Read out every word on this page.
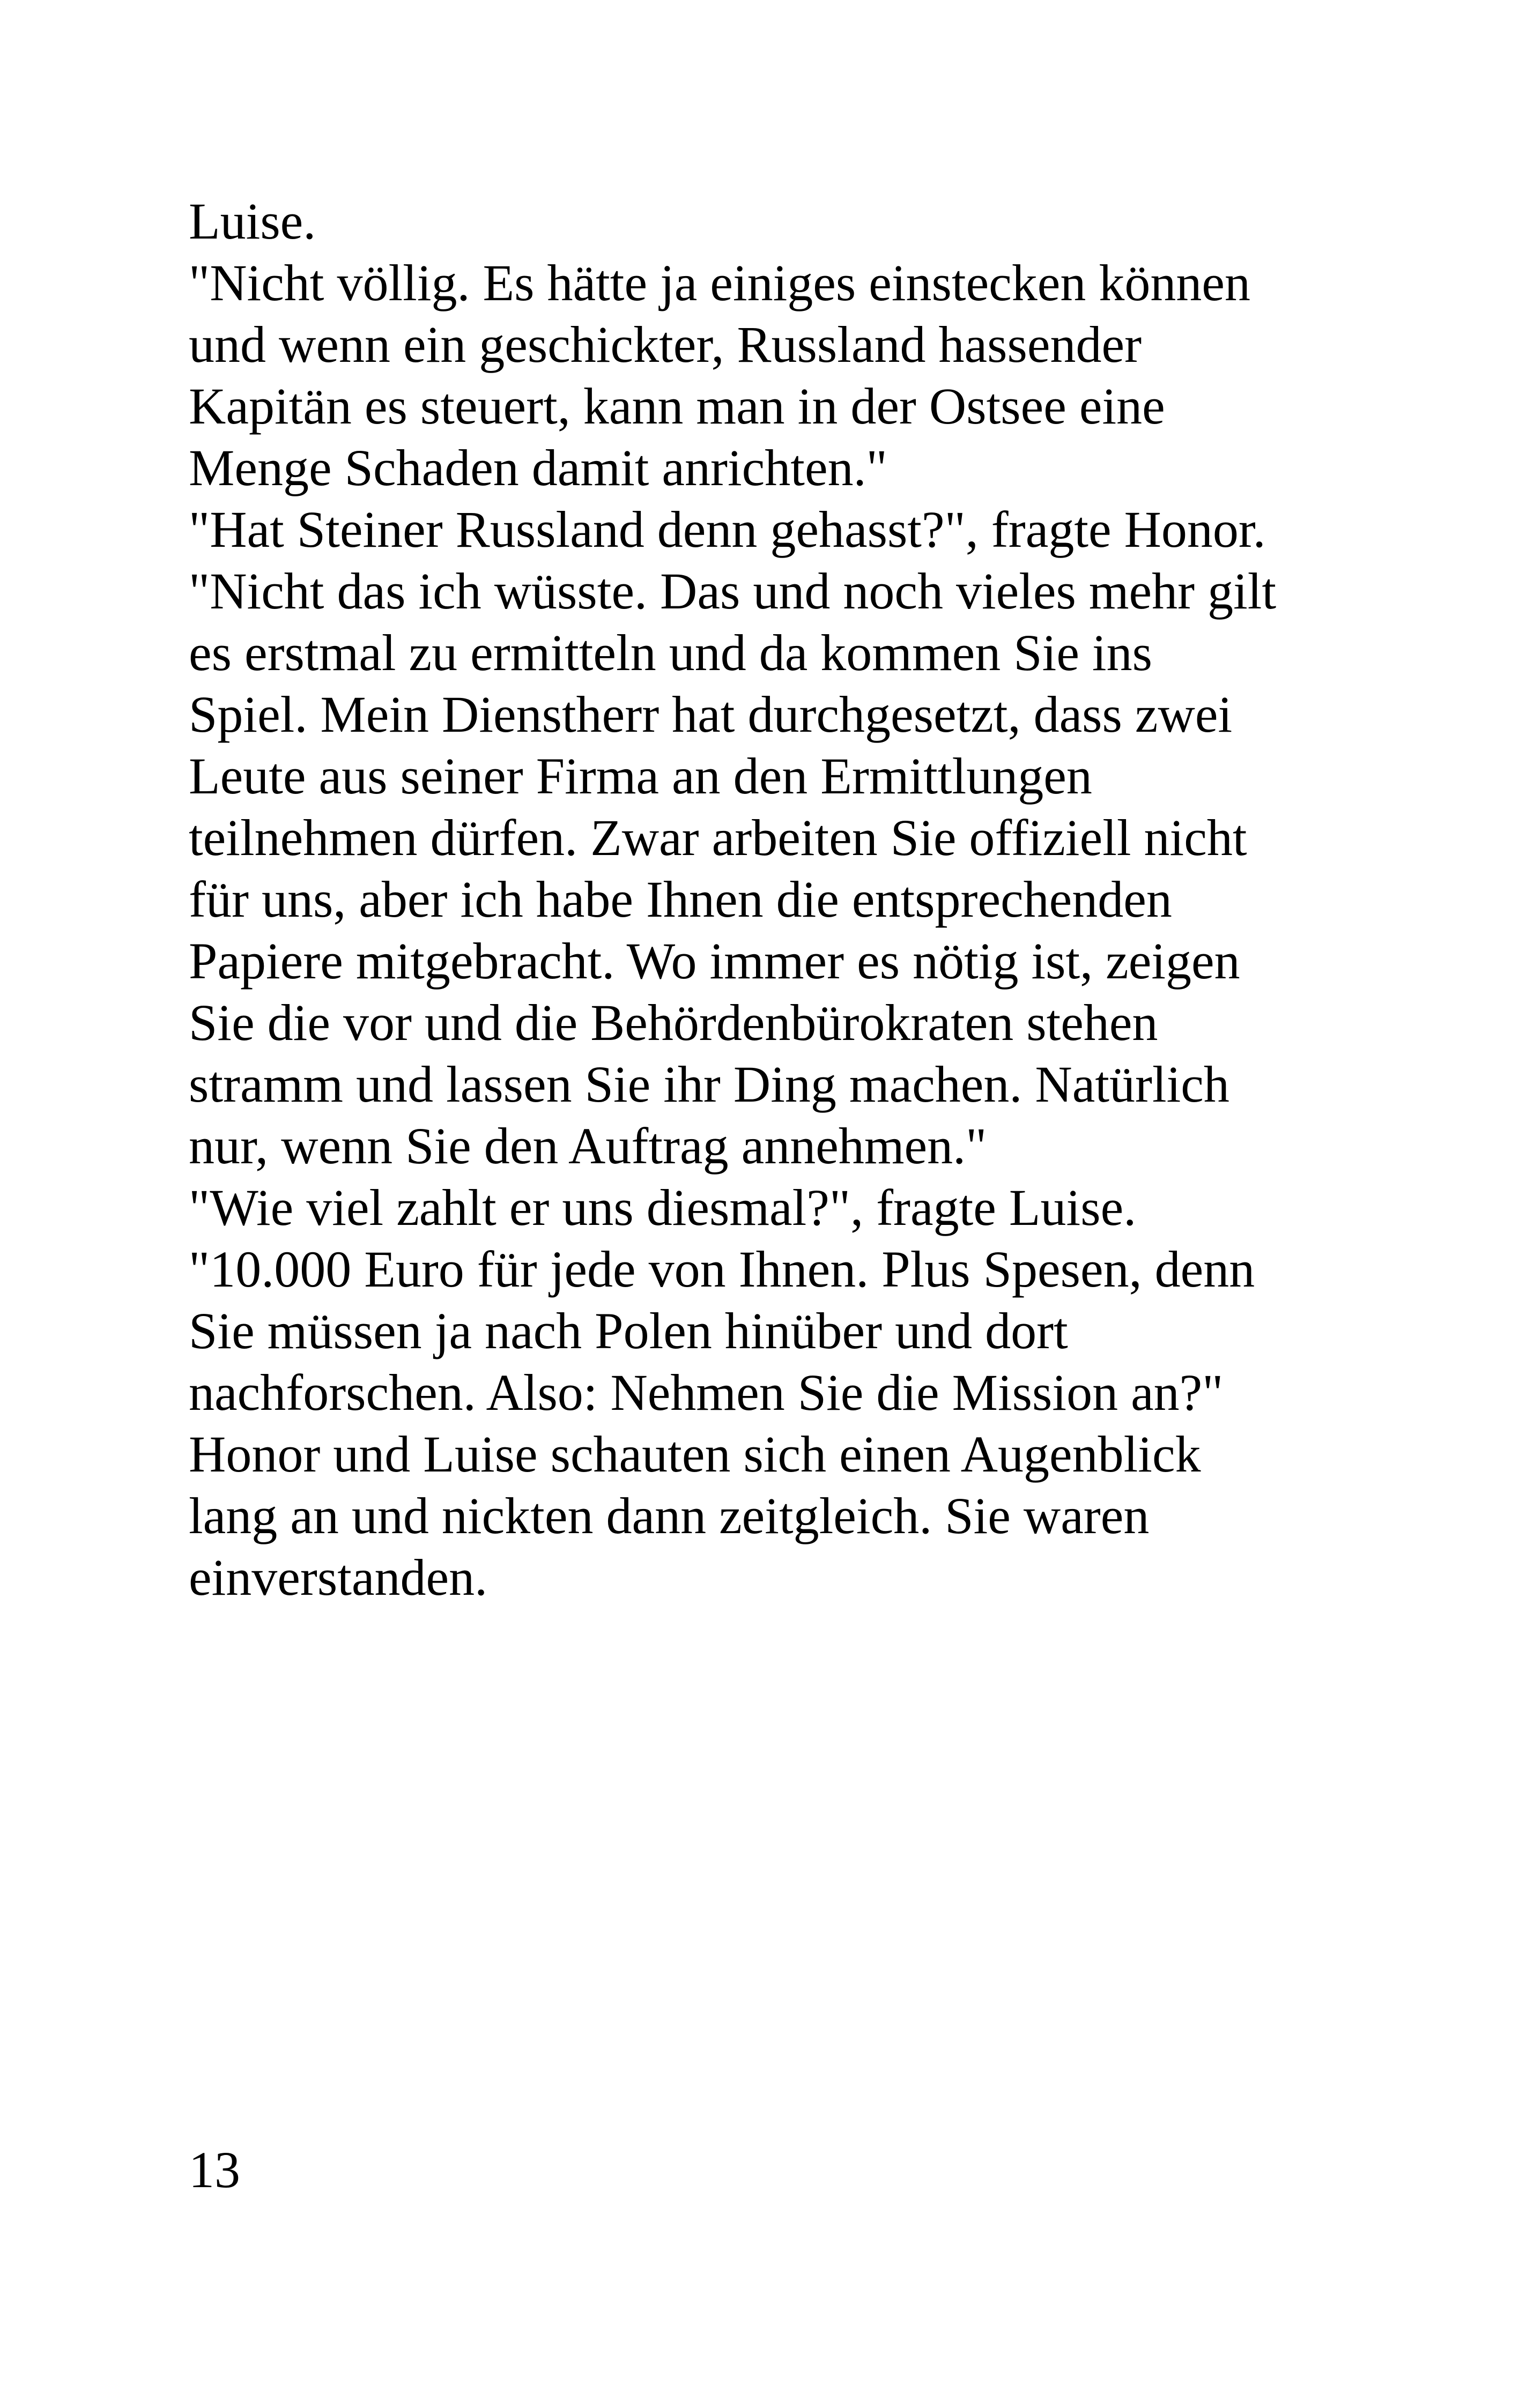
Luise.
"Nicht völlig. Es hätte ja einiges einstecken können
und wenn ein geschickter, Russland hassender
Kapitän es steuert, kann man in der Ostsee eine
Menge Schaden damit anrichten."
"Hat Steiner Russland denn gehasst?", fragte Honor.
"Nicht das ich wüsste. Das und noch vieles mehr gilt
es erstmal zu ermitteln und da kommen Sie ins
Spiel. Mein Dienstherr hat durchgesetzt, dass zwei
Leute aus seiner Firma an den Ermittlungen
teilnehmen dürfen. Zwar arbeiten Sie offiziell nicht
für uns, aber ich habe Ihnen die entsprechenden
Papiere mitgebracht. Wo immer es nötig ist, zeigen
Sie die vor und die Behördenbürokraten stehen
stramm und lassen Sie ihr Ding machen. Natürlich
nur, wenn Sie den Auftrag annehmen."
"Wie viel zahlt er uns diesmal?", fragte Luise.
"10.000 Euro für jede von Ihnen. Plus Spesen, denn
Sie müssen ja nach Polen hinüber und dort
nachforschen. Also: Nehmen Sie die Mission an?"
Honor und Luise schauten sich einen Augenblick
lang an und nickten dann zeitgleich. Sie waren
einverstanden.
13
